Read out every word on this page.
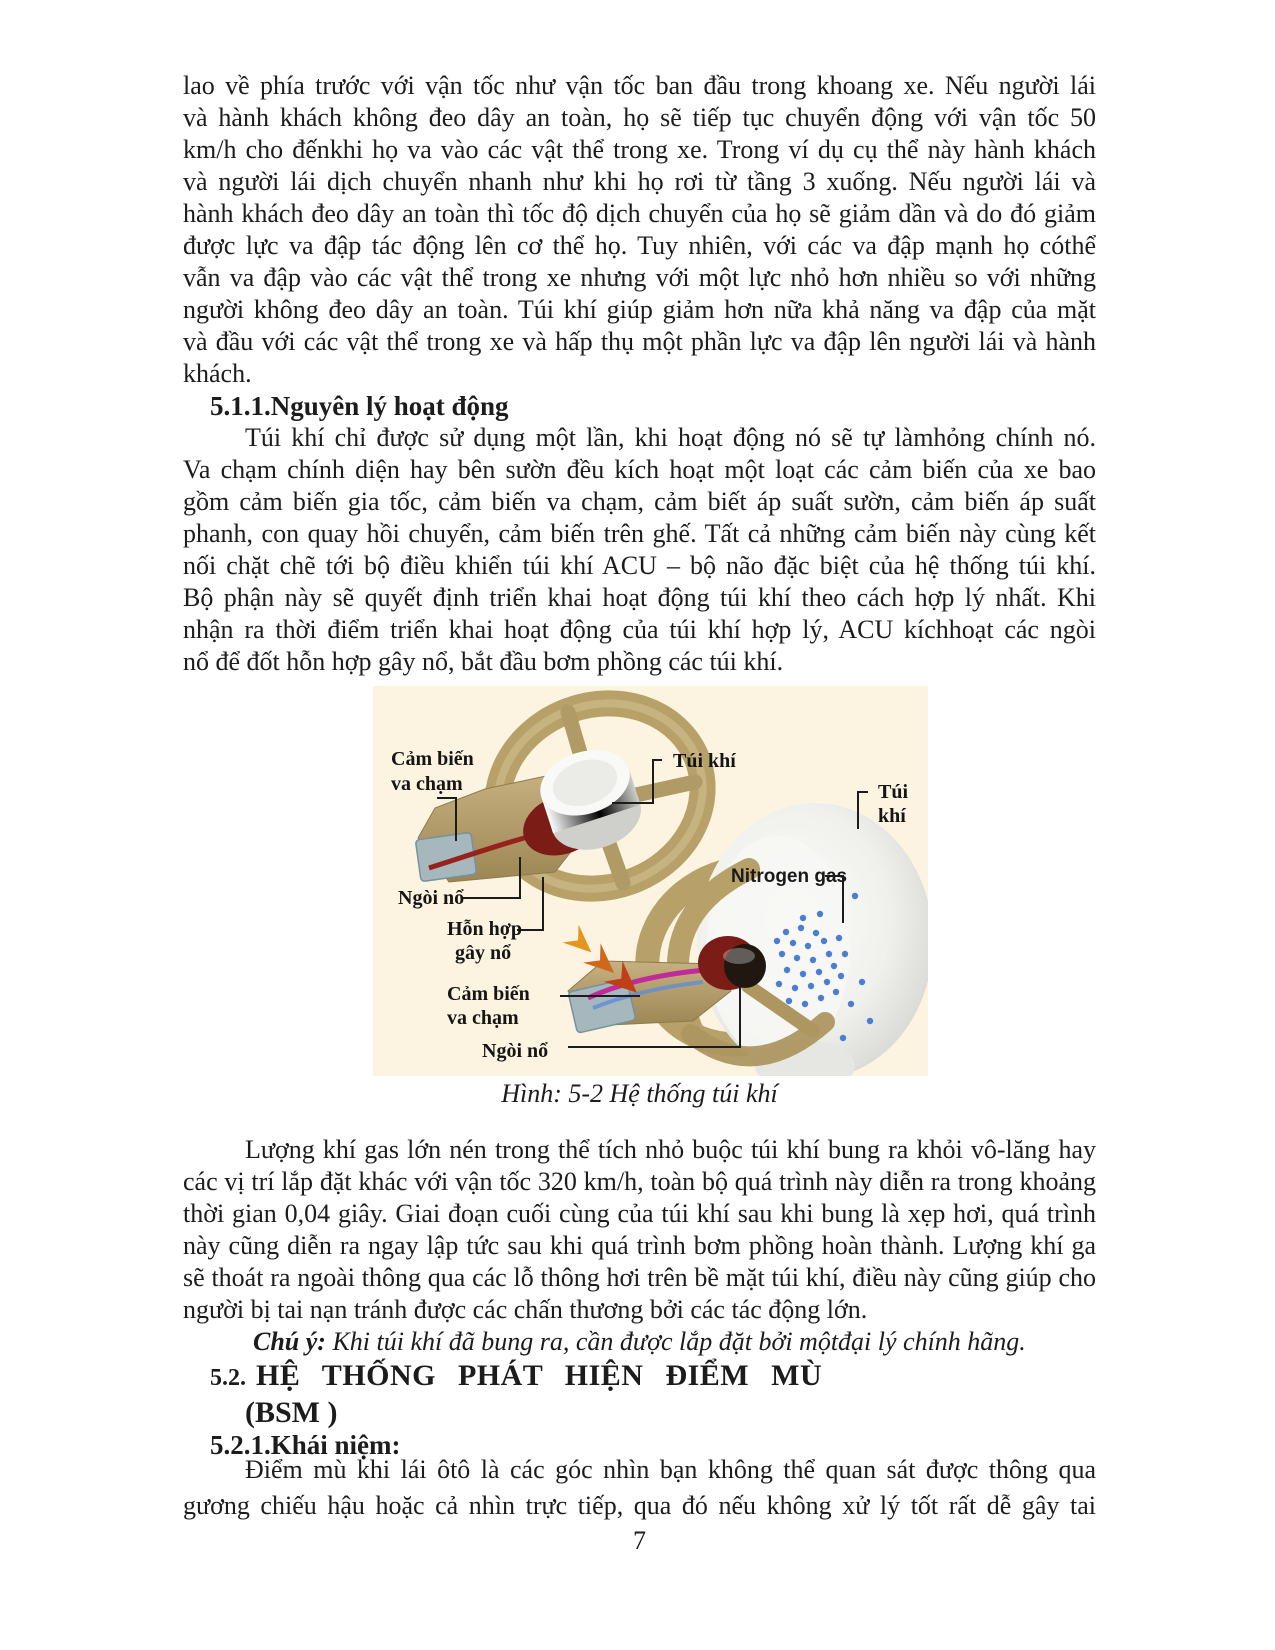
lao về phía trước với vận tốc như vận tốc ban đầu trong khoang xe. Nếu người lái
và hành khách không đeo dây an toàn, họ sẽ tiếp tục chuyển động với vận tốc 50
km/h cho đếnkhi họ va vào các vật thể trong xe. Trong ví dụ cụ thể này hành khách
và người lái dịch chuyển nhanh như khi họ rơi từ tầng 3 xuống. Nếu người lái và
hành khách đeo dây an toàn thì tốc độ dịch chuyển của họ sẽ giảm dần và do đó giảm
được lực va đập tác động lên cơ thể họ. Tuy nhiên, với các va đập mạnh họ cóthể
vẫn va đập vào các vật thể trong xe nhưng với một lực nhỏ hơn nhiều so với những
người không đeo dây an toàn. Túi khí giúp giảm hơn nữa khả năng va đập của mặt
và đầu với các vật thể trong xe và hấp thụ một phần lực va đập lên người lái và hành
khách.
5.1.1.Nguyên lý hoạt động
Túi khí chỉ được sử dụng một lần, khi hoạt động nó sẽ tự làmhỏng chính nó.
Va chạm chính diện hay bên sườn đều kích hoạt một loạt các cảm biến của xe bao
gồm cảm biến gia tốc, cảm biến va chạm, cảm biết áp suất sườn, cảm biến áp suất
phanh, con quay hồi chuyển, cảm biến trên ghế. Tất cả những cảm biến này cùng kết
nối chặt chẽ tới bộ điều khiển túi khí ACU – bộ não đặc biệt của hệ thống túi khí.
Bộ phận này sẽ quyết định triển khai hoạt động túi khí theo cách hợp lý nhất. Khi
nhận ra thời điểm triển khai hoạt động của túi khí hợp lý, ACU kíchhoạt các ngòi
nổ để đốt hỗn hợp gây nổ, bắt đầu bơm phồng các túi khí.
Cảm biến
va chạm
Túi khí
Túi
khí
Ngòi nổ
Hỗn hợp
gây nổ
Cảm biến
va chạm
Ngòi nổ
Nitrogen gas
Hình: 5-2 Hệ thống túi khí
Lượng khí gas lớn nén trong thể tích nhỏ buộc túi khí bung ra khỏi vô-lăng hay
các vị trí lắp đặt khác với vận tốc 320 km/h, toàn bộ quá trình này diễn ra trong khoảng
thời gian 0,04 giây. Giai đoạn cuối cùng của túi khí sau khi bung là xẹp hơi, quá trình
này cũng diễn ra ngay lập tức sau khi quá trình bơm phồng hoàn thành. Lượng khí ga
sẽ thoát ra ngoài thông qua các lỗ thông hơi trên bề mặt túi khí, điều này cũng giúp cho
người bị tai nạn tránh được các chấn thương bởi các tác động lớn.
Chú ý: Khi túi khí đã bung ra, cần được lắp đặt bởi mộtđại lý chính hãng.
5.2. HỆ THỐNG PHÁT HIỆN ĐIỂM MÙ
(BSM )
5.2.1.Khái niệm:
Điểm mù khi lái ôtô là các góc nhìn bạn không thể quan sát được thông qua
gương chiếu hậu hoặc cả nhìn trực tiếp, qua đó nếu không xử lý tốt rất dễ gây tai
7
